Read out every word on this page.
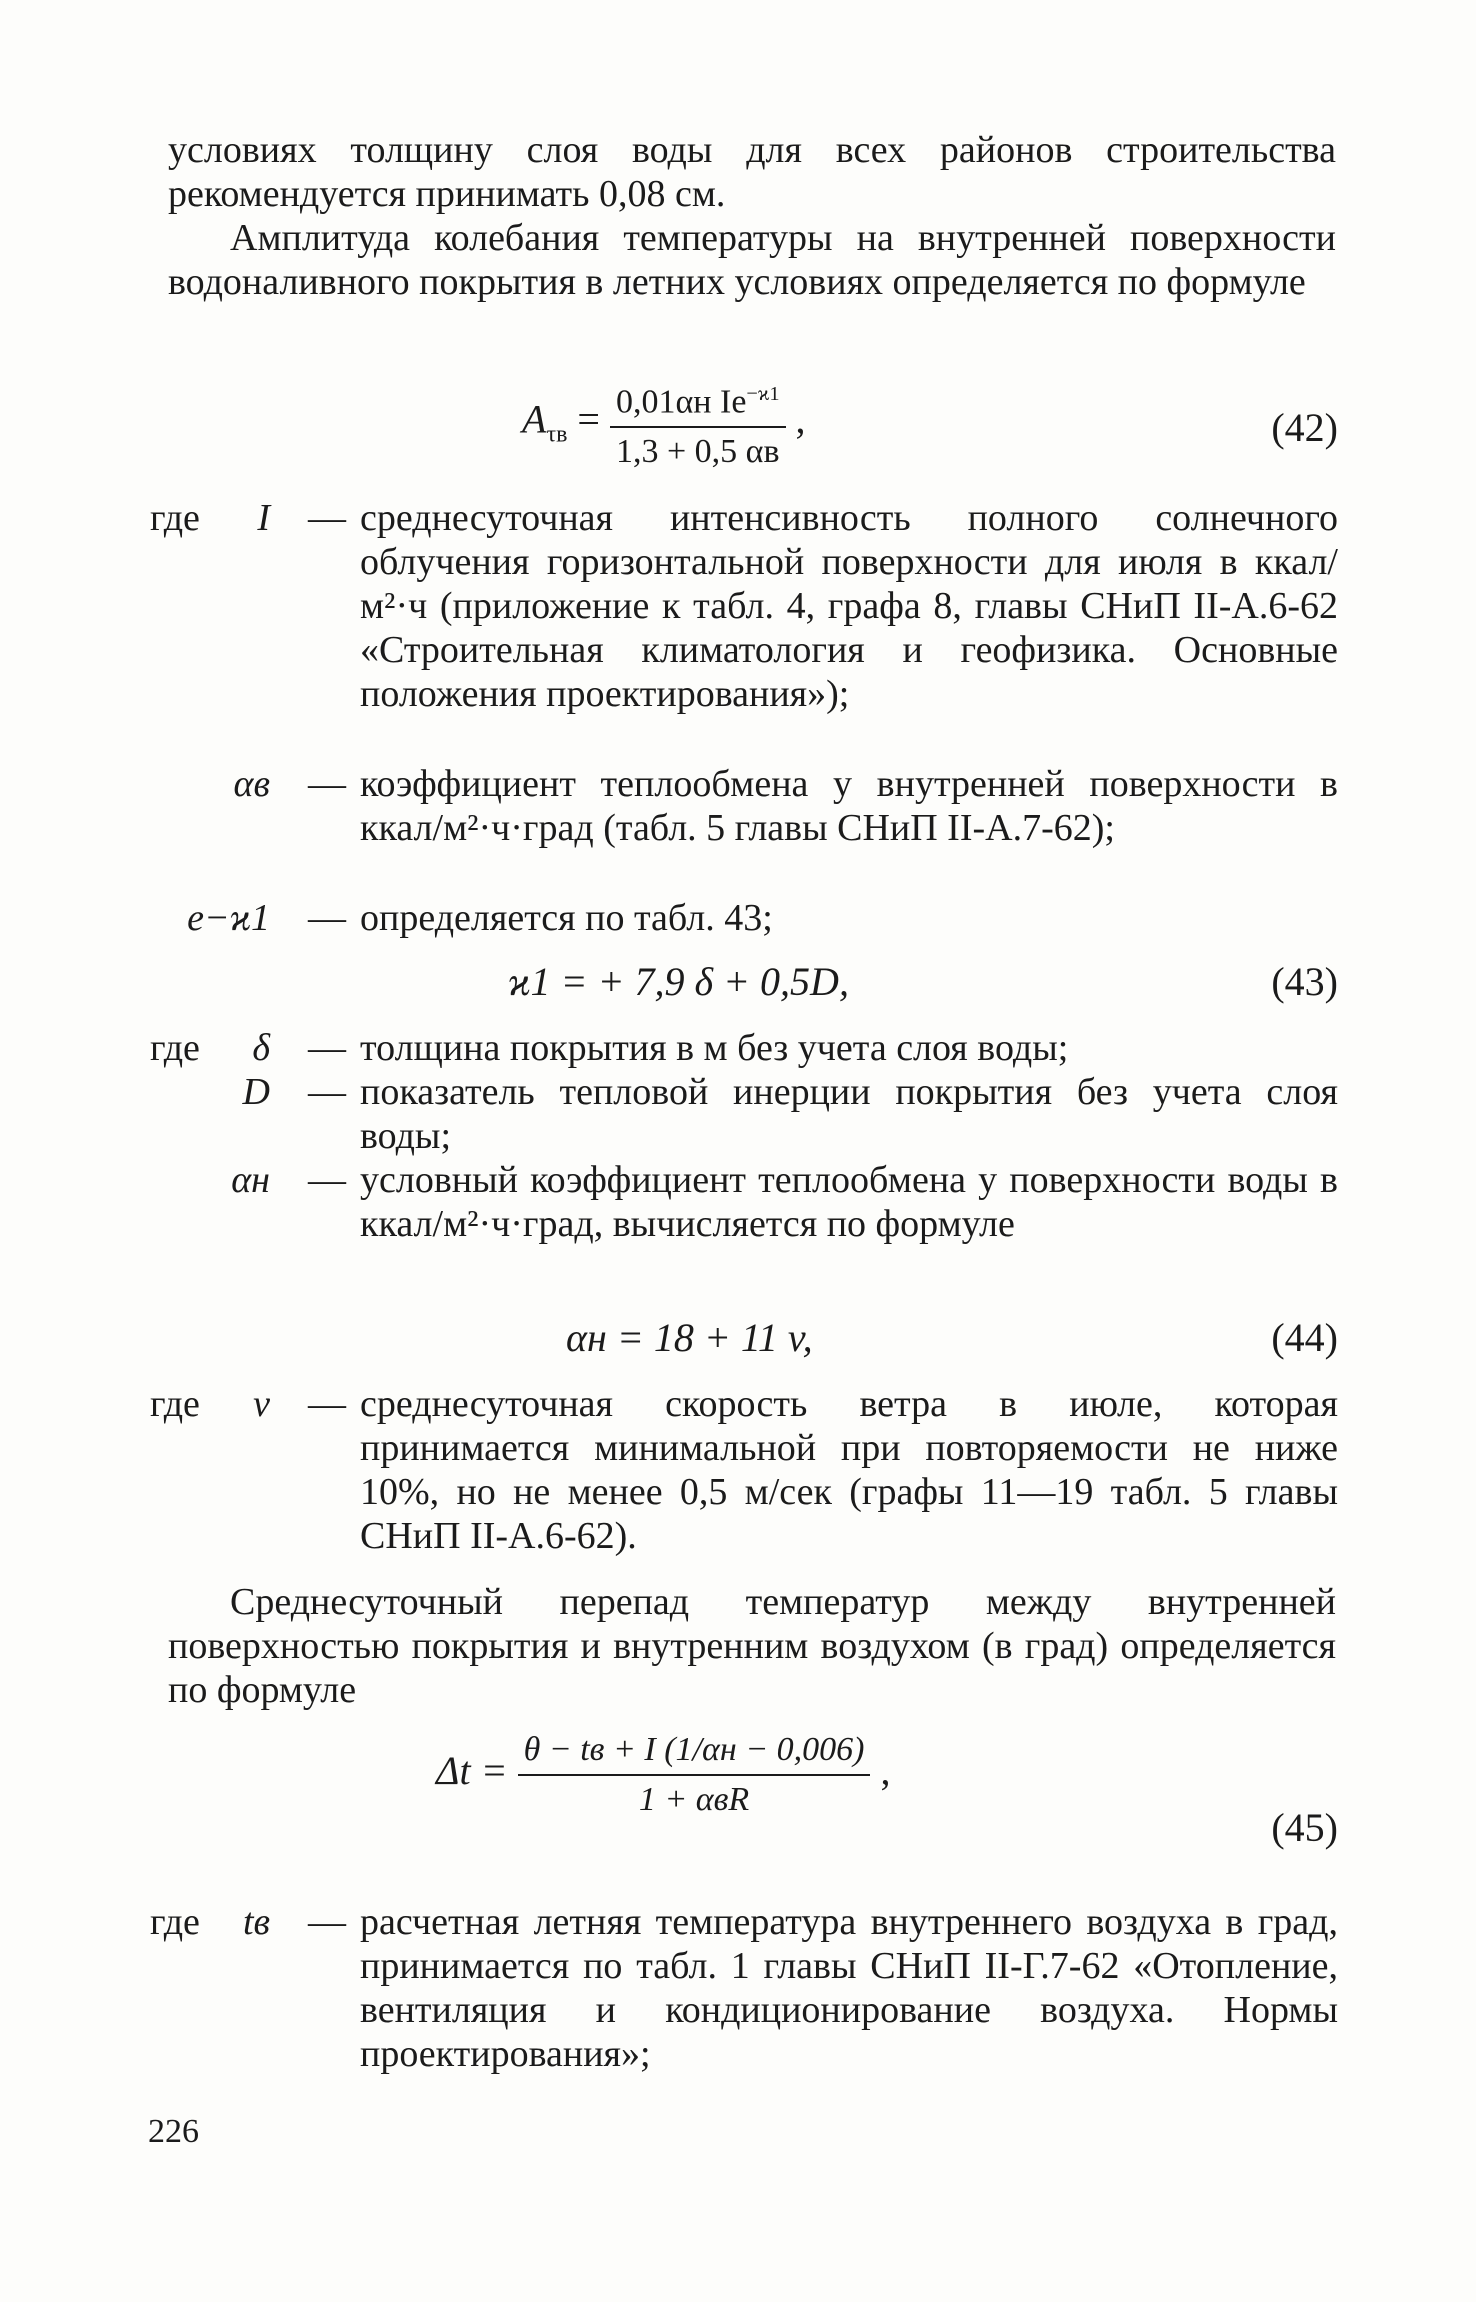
условиях толщину слоя воды для всех районов строительства рекомендуется принимать 0,08 см.

Амплитуда колебания температуры на внутренней поверхности водоналивного покрытия в летних условиях определяется по формуле

$A_{\tau в} = \frac{0,01\alpha н Ie^{-ϰ1}}{1,3 + 0,5 \alpha в}$ ,	(42)
где	I — среднесуточная интенсивность полного солнечного облучения горизонтальной поверхности для июля в ккал/м²·ч (приложение к табл. 4, графа 8, главы СНиП II-А.6-62 «Строительная климатология и геофизика. Основные положения проектирования»);
αв — коэффициент теплообмена у внутренней поверхности в ккал/м²·ч·град (табл. 5 главы СНиП II-А.7-62);
e−ϰ1 — определяется по табл. 43;
ϰ1 = + 7,9 δ + 0,5D,	(43)
где	δ — толщина покрытия в м без учета слоя воды;
D — показатель тепловой инерции покрытия без учета слоя воды;
αн — условный коэффициент теплообмена у поверхности воды в ккал/м²·ч·град, вычисляется по формуле
αн = 18 + 11 v,	(44)
где	v — среднесуточная скорость ветра в июле, которая принимается минимальной при повторяемости не ниже 10%, но не менее 0,5 м/сек (графы 11—19 табл. 5 главы СНиП II-А.6-62).

Среднесуточный перепад температур между внутренней поверхностью покрытия и внутренним воздухом (в град) определяется по формуле

$\Delta t = \frac{\theta - tв + I (1/\alpha н - 0,006)}{\text{1 + αвR}}$ ,
(45)
где	tв — расчетная летняя температура внутреннего воздуха в град, принимается по табл. 1 главы СНиП II-Г.7-62 «Отопление, вентиляция и кондиционирование воздуха. Нормы проектирования»;
226
